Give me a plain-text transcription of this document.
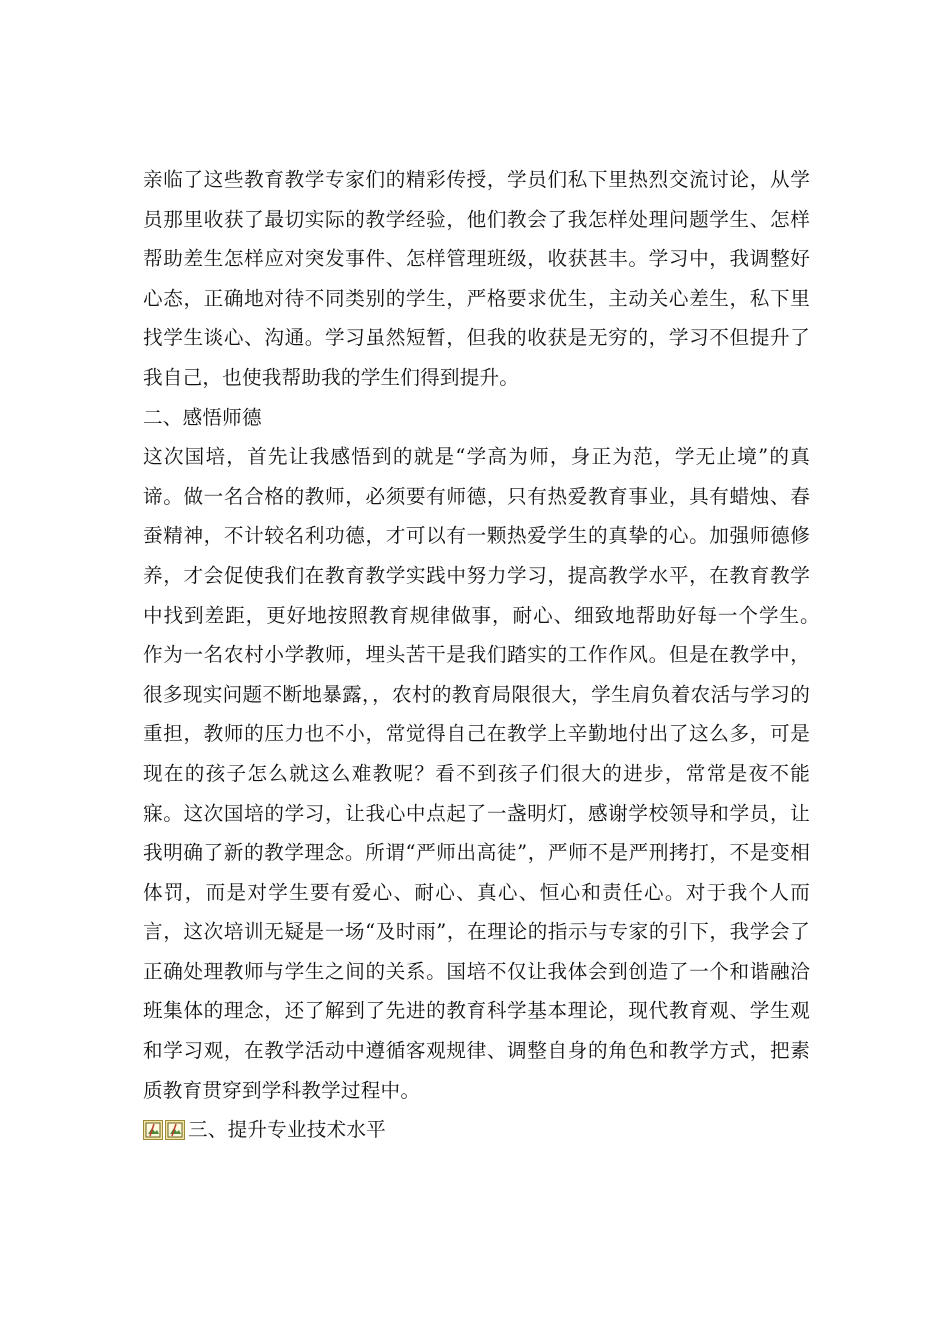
亲临了这些教育教学专家们的精彩传授，学员们私下里热烈交流讨论，从学员那里收获了最切实际的教学经验，他们教会了我怎样处理问题学生、怎样帮助差生怎样应对突发事件、怎样管理班级，收获甚丰。学习中，我调整好心态，正确地对待不同类别的学生，严格要求优生，主动关心差生，私下里找学生谈心、沟通。学习虽然短暂，但我的收获是无穷的，学习不但提升了我自己，也使我帮助我的学生们得到提升。

二、感悟师德

这次国培，首先让我感悟到的就是“学高为师，身正为范，学无止境”的真谛。做一名合格的教师，必须要有师德，只有热爱教育事业，具有蜡烛、春蚕精神，不计较名利功德，才可以有一颗热爱学生的真挚的心。加强师德修养，才会促使我们在教育教学实践中努力学习，提高教学水平，在教育教学中找到差距，更好地按照教育规律做事，耐心、细致地帮助好每一个学生。　作为一名农村小学教师，埋头苦干是我们踏实的工作作风。但是在教学中，很多现实问题不断地暴露，，农村的教育局限很大，学生肩负着农活与学习的重担，教师的压力也不小，常觉得自己在教学上辛勤地付出了这么多，可是现在的孩子怎么就这么难教呢？看不到孩子们很大的进步，常常是夜不能寐。这次国培的学习，让我心中点起了一盏明灯，感谢学校领导和学员，让我明确了新的教学理念。所谓“严师出高徒”，严师不是严刑拷打，不是变相体罚，而是对学生要有爱心、耐心、真心、恒心和责任心。对于我个人而言，这次培训无疑是一场“及时雨”，在理论的指示与专家的引下，我学会了正确处理教师与学生之间的关系。国培不仅让我体会到创造了一个和谐融洽班集体的理念，还了解到了先进的教育科学基本理论，现代教育观、学生观和学习观，在教学活动中遵循客观规律、调整自身的角色和教学方式，把素质教育贯穿到学科教学过程中。

三、提升专业技术水平
